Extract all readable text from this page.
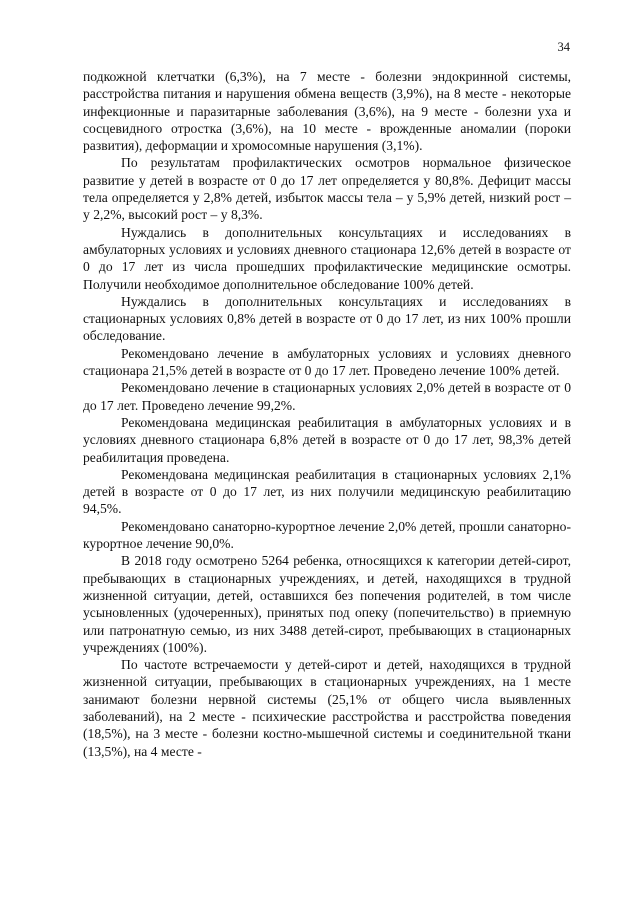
34

подкожной клетчатки (6,3%), на 7 месте - болезни эндокринной системы, расстройства питания и нарушения обмена веществ (3,9%), на 8 месте - некоторые инфекционные и паразитарные заболевания (3,6%), на 9 месте - болезни уха и сосцевидного отростка (3,6%), на 10 месте - врожденные аномалии (пороки развития), деформации и хромосомные нарушения (3,1%).

По результатам профилактических осмотров нормальное физическое развитие у детей в возрасте от 0 до 17 лет определяется у 80,8%. Дефицит массы тела определяется у 2,8% детей, избыток массы тела – у 5,9% детей, низкий рост – у 2,2%, высокий рост – у 8,3%.

Нуждались в дополнительных консультациях и исследованиях в амбулаторных условиях и условиях дневного стационара 12,6% детей в возрасте от 0 до 17 лет из числа прошедших профилактические медицинские осмотры. Получили необходимое дополнительное обследование 100% детей.

Нуждались в дополнительных консультациях и исследованиях в стационарных условиях 0,8% детей в возрасте от 0 до 17 лет, из них 100% прошли обследование.

Рекомендовано лечение в амбулаторных условиях и условиях дневного стационара 21,5% детей в возрасте от 0 до 17 лет. Проведено лечение 100% детей.

Рекомендовано лечение в стационарных условиях 2,0% детей в возрасте от 0 до 17 лет. Проведено лечение 99,2%.

Рекомендована медицинская реабилитация в амбулаторных условиях и в условиях дневного стационара 6,8% детей в возрасте от 0 до 17 лет, 98,3% детей реабилитация проведена.

Рекомендована медицинская реабилитация в стационарных условиях 2,1% детей в возрасте от 0 до 17 лет, из них получили медицинскую реабилитацию 94,5%.

Рекомендовано санаторно-курортное лечение 2,0% детей, прошли санаторно-курортное лечение 90,0%.

В 2018 году осмотрено 5264 ребенка, относящихся к категории детей-сирот, пребывающих в стационарных учреждениях, и детей, находящихся в трудной жизненной ситуации, детей, оставшихся без попечения родителей, в том числе усыновленных (удочеренных), принятых под опеку (попечительство) в приемную или патронатную семью, из них 3488 детей-сирот, пребывающих в стационарных учреждениях (100%).

По частоте встречаемости у детей-сирот и детей, находящихся в трудной жизненной ситуации, пребывающих в стационарных учреждениях, на 1 месте занимают болезни нервной системы (25,1% от общего числа выявленных заболеваний), на 2 месте - психические расстройства и расстройства поведения (18,5%), на 3 месте - болезни костно-мышечной системы и соединительной ткани (13,5%), на 4 месте -
